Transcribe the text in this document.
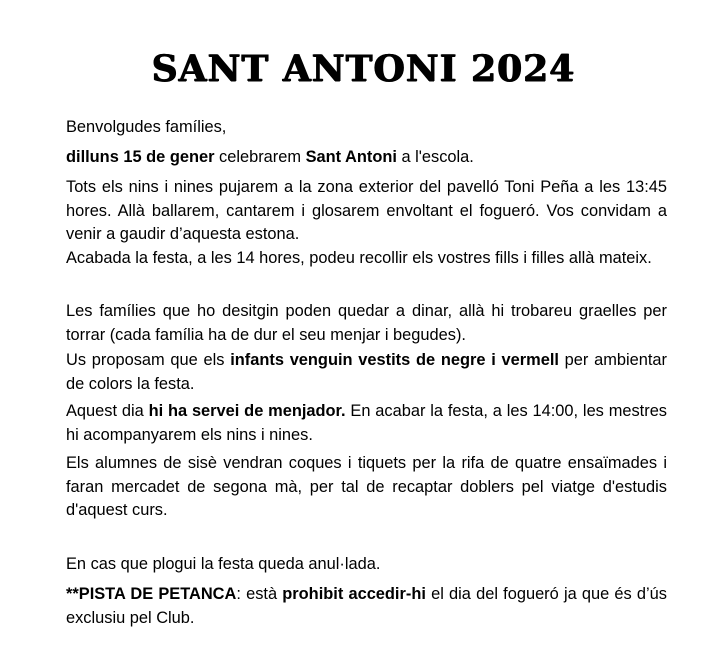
SANT ANTONI 2024

Benvolgudes famílies,

dilluns 15 de gener celebrarem Sant Antoni a l'escola.

Tots els nins i nines pujarem a la zona exterior del pavelló Toni Peña a les 13:45 hores. Allà ballarem, cantarem i glosarem envoltant el fogueró. Vos convidam a venir a gaudir d’aquesta estona.

Acabada la festa, a les 14 hores, podeu recollir els vostres fills i filles allà mateix.

Les famílies que ho desitgin poden quedar a dinar, allà hi trobareu graelles per torrar (cada família ha de dur el seu menjar i begudes).

Us proposam que els infants venguin vestits de negre i vermell per ambientar de colors la festa.

Aquest dia hi ha servei de menjador. En acabar la festa, a les 14:00, les mestres hi acompanyarem els nins i nines.

Els alumnes de sisè vendran coques i tiquets per la rifa de quatre ensaïmades i faran mercadet de segona mà, per tal de recaptar doblers pel viatge d'estudis d'aquest curs.

En cas que plogui la festa queda anul·lada.

**PISTA DE PETANCA: està prohibit accedir-hi el dia del fogueró ja que és d’ús exclusiu pel Club.
